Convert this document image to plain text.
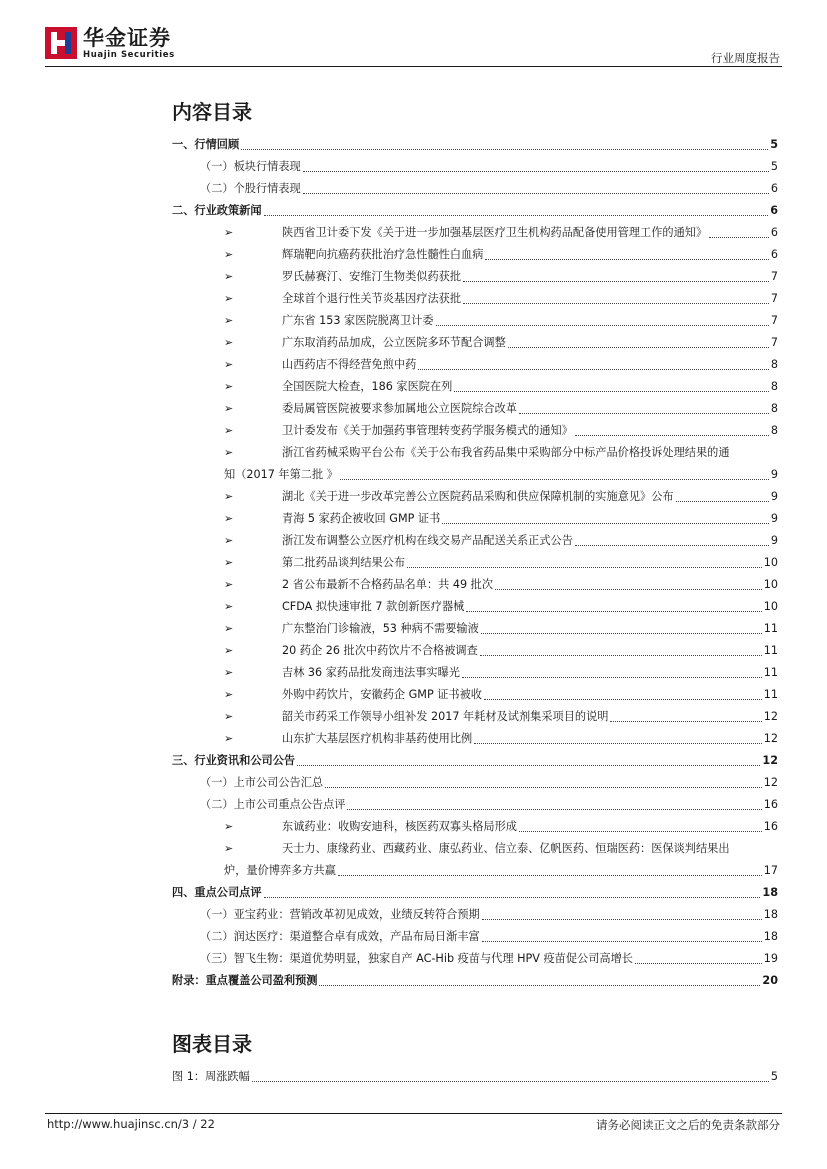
华金证券
Huajin Securities	行业周度报告
内容目录
一、行情回顾	5
（一）板块行情表现	5
（二）个股行情表现	6
二、行业政策新闻	6
➢	陕西省卫计委下发《关于进一步加强基层医疗卫生机构药品配备使用管理工作的通知》	6
➢	辉瑞靶向抗癌药获批治疗急性髓性白血病	6
➢	罗氏赫赛汀、安维汀生物类似药获批	7
➢	全球首个退行性关节炎基因疗法获批	7
➢	广东省 153 家医院脱离卫计委	7
➢	广东取消药品加成，公立医院多环节配合调整	7
➢	山西药店不得经营免煎中药	8
➢	全国医院大检查，186 家医院在列	8
➢	委局属管医院被要求参加属地公立医院综合改革	8
➢	卫计委发布《关于加强药事管理转变药学服务模式的通知》	8
➢	浙江省药械采购平台公布《关于公布我省药品集中采购部分中标产品价格投诉处理结果的通
知（2017 年第二批 》	9
➢	湖北《关于进一步改革完善公立医院药品采购和供应保障机制的实施意见》公布	9
➢	青海 5 家药企被收回 GMP 证书	9
➢	浙江发布调整公立医疗机构在线交易产品配送关系正式公告	9
➢	第二批药品谈判结果公布	10
➢	2 省公布最新不合格药品名单：共 49 批次	10
➢	CFDA 拟快速审批 7 款创新医疗器械	10
➢	广东整治门诊输液，53 种病不需要输液	11
➢	20 药企 26 批次中药饮片不合格被调查	11
➢	吉林 36 家药品批发商违法事实曝光	11
➢	外购中药饮片，安徽药企 GMP 证书被收	11
➢	韶关市药采工作领导小组补发 2017 年耗材及试剂集采项目的说明	12
➢	山东扩大基层医疗机构非基药使用比例	12
三、行业资讯和公司公告	12
（一）上市公司公告汇总	12
（二）上市公司重点公告点评	16
➢	东诚药业：收购安迪科，核医药双寡头格局形成	16
➢	天士力、康缘药业、西藏药业、康弘药业、信立泰、亿帆医药、恒瑞医药：医保谈判结果出
炉，量价博弈多方共赢	17
四、重点公司点评	18
（一）亚宝药业：营销改革初见成效，业绩反转符合预期	18
（二）润达医疗：渠道整合卓有成效，产品布局日渐丰富	18
（三）智飞生物：渠道优势明显，独家自产 AC-Hib 疫苗与代理 HPV 疫苗促公司高增长	19
附录：重点覆盖公司盈利预测	20
图表目录
图 1：周涨跌幅	5
http://www.huajinsc.cn/3 / 22	请务必阅读正文之后的免责条款部分
